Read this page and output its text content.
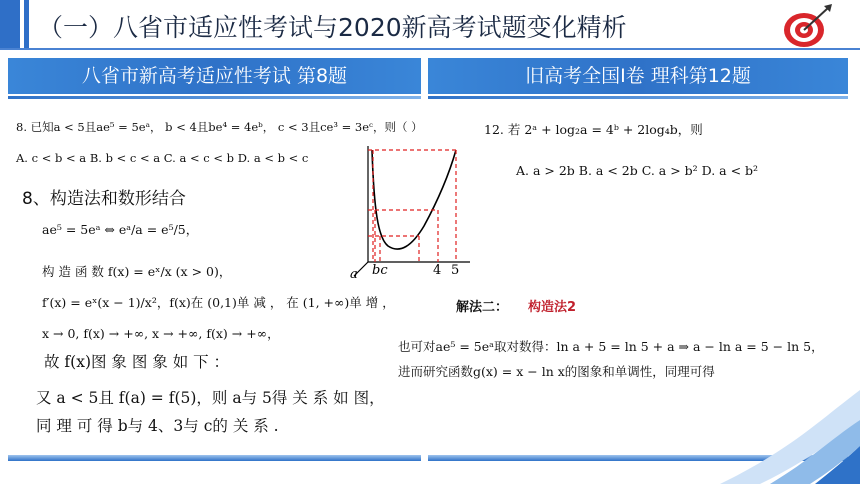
（一）八省市适应性考试与2020新高考试题变化精析
八省市新高考适应性考试 第8题	旧高考全国Ⅰ卷 理科第12题
8. 已知a < 5且ae⁵ = 5eᵃ， b < 4且be⁴ = 4eᵇ， c < 3且ce³ = 3eᶜ，则（ ）
A. c < b < a B. b < c < a C. a < c < b D. a < b < c
8、构造法和数形结合
ae⁵ = 5eᵃ ⇔ eᵃ/a = e⁵/5，
构 造 函 数 f(x) = eˣ/x (x > 0)，
f′(x) = eˣ(x − 1)/x²，f(x)在 (0,1)单 减 ， 在 (1, +∞)单 增 ，
x → 0, f(x) → +∞, x → +∞, f(x) → +∞，
故 f(x)图 象 图 象 如 下 ：
又 a < 5且 f(a) = f(5)，则 a与 5得 关 系 如 图，
同 理 可 得 b与 4、3与 c的 关 系 .
a bc	4 5
12. 若 2ᵃ + log₂a = 4ᵇ + 2log₄b，则
A. a > 2b B. a < 2b C. a > b² D. a < b²
解法二： 构造法2
也可对ae⁵ = 5eᵃ取对数得：ln a + 5 = ln 5 + a ⇒ a − ln a = 5 − ln 5，
进而研究函数g(x) = x − ln x的图象和单调性，同理可得
